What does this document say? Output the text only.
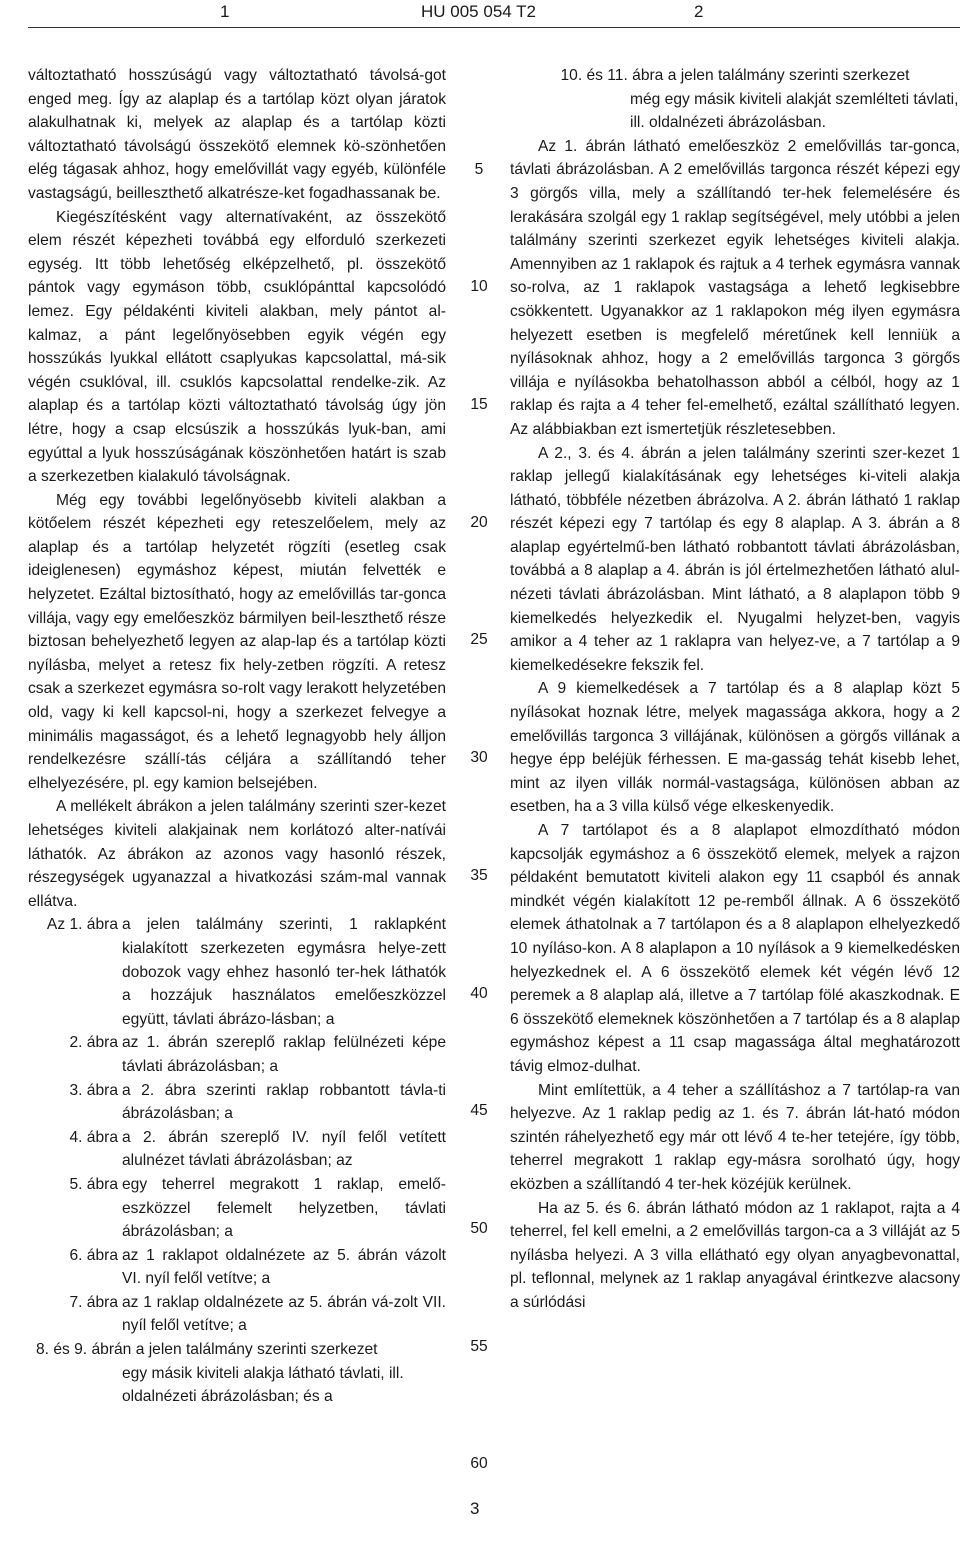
1	HU 005 054 T2	2

változtatható hosszúságú vagy változtatható távolsá-got enged meg. Így az alaplap és a tartólap közt olyan járatok alakulhatnak ki, melyek az alaplap és a tartólap közti változtatható távolságú összekötő elemnek kö-szönhetően elég tágasak ahhoz, hogy emelővillát vagy egyéb, különféle vastagságú, beilleszthető alkatrésze-ket fogadhassanak be.

Kiegészítésként vagy alternatívaként, az összekötő elem részét képezheti továbbá egy elforduló szerkezeti egység. Itt több lehetőség elképzelhető, pl. összekötő pántok vagy egymáson több, csuklópánttal kapcsolódó lemez. Egy példakénti kiviteli alakban, mely pántot al-kalmaz, a pánt legelőnyösebben egyik végén egy hosszúkás lyukkal ellátott csaplyukas kapcsolattal, má-sik végén csuklóval, ill. csuklós kapcsolattal rendelke-zik. Az alaplap és a tartólap közti változtatható távolság úgy jön létre, hogy a csap elcsúszik a hosszúkás lyuk-ban, ami egyúttal a lyuk hosszúságának köszönhetően határt is szab a szerkezetben kialakuló távolságnak.

Még egy további legelőnyösebb kiviteli alakban a kötőelem részét képezheti egy reteszelőelem, mely az alaplap és a tartólap helyzetét rögzíti (esetleg csak ideiglenesen) egymáshoz képest, miután felvették e helyzetet. Ezáltal biztosítható, hogy az emelővillás tar-gonca villája, vagy egy emelőeszköz bármilyen beil-leszthető része biztosan behelyezhető legyen az alap-lap és a tartólap közti nyílásba, melyet a retesz fix hely-zetben rögzíti. A retesz csak a szerkezet egymásra so-rolt vagy lerakott helyzetében old, vagy ki kell kapcsol-ni, hogy a szerkezet felvegye a minimális magasságot, és a lehető legnagyobb hely álljon rendelkezésre szállí-tás céljára a szállítandó teher elhelyezésére, pl. egy kamion belsejében.

A mellékelt ábrákon a jelen találmány szerinti szer-kezet lehetséges kiviteli alakjainak nem korlátozó alter-natívái láthatók. Az ábrákon az azonos vagy hasonló részek, részegységek ugyanazzal a hivatkozási szám-mal vannak ellátva.

Az 1. ábra a jelen találmány szerinti, 1 raklapként kialakított szerkezeten egymásra helye-zett dobozok vagy ehhez hasonló ter-hek láthatók a hozzájuk használatos emelőeszközzel együtt, távlati ábrázo-lásban; a
2. ábra az 1. ábrán szereplő raklap felülnézeti képe távlati ábrázolásban; a
3. ábra a 2. ábra szerinti raklap robbantott távla-ti ábrázolásban; a
4. ábra a 2. ábrán szereplő IV. nyíl felől vetített alulnézet távlati ábrázolásban; az
5. ábra egy teherrel megrakott 1 raklap, emelő-eszközzel felemelt helyzetben, távlati ábrázolásban; a
6. ábra az 1 raklapot oldalnézete az 5. ábrán vázolt VI. nyíl felől vetítve; a
7. ábra az 1 raklap oldalnézete az 5. ábrán vá-zolt VII. nyíl felől vetítve; a
8. és 9. ábrán a jelen találmány szerinti szerkezet
egy másik kiviteli alakja látható távlati, ill. oldalnézeti ábrázolásban; és a
10. és 11. ábra a jelen találmány szerinti szerkezet
még egy másik kiviteli alakját szemlélteti távlati, ill. oldalnézeti ábrázolásban.

Az 1. ábrán látható emelőeszköz 2 emelővillás tar-gonca, távlati ábrázolásban. A 2 emelővillás targonca részét képezi egy 3 görgős villa, mely a szállítandó ter-hek felemelésére és lerakására szolgál egy 1 raklap segítségével, mely utóbbi a jelen találmány szerinti szerkezet egyik lehetséges kiviteli alakja. Amennyiben az 1 raklapok és rajtuk a 4 terhek egymásra vannak so-rolva, az 1 raklapok vastagsága a lehető legkisebbre csökkentett. Ugyanakkor az 1 raklapokon még ilyen egymásra helyezett esetben is megfelelő méretűnek kell lenniük a nyílásoknak ahhoz, hogy a 2 emelővillás targonca 3 görgős villája e nyílásokba behatolhasson abból a célból, hogy az 1 raklap és rajta a 4 teher fel-emelhető, ezáltal szállítható legyen. Az alábbiakban ezt ismertetjük részletesebben.

A 2., 3. és 4. ábrán a jelen találmány szerinti szer-kezet 1 raklap jellegű kialakításának egy lehetséges ki-viteli alakja látható, többféle nézetben ábrázolva. A 2. ábrán látható 1 raklap részét képezi egy 7 tartólap és egy 8 alaplap. A 3. ábrán a 8 alaplap egyértelmű-ben látható robbantott távlati ábrázolásban, továbbá a 8 alaplap a 4. ábrán is jól értelmezhetően látható alul-nézeti távlati ábrázolásban. Mint látható, a 8 alaplapon több 9 kiemelkedés helyezkedik el. Nyugalmi helyzet-ben, vagyis amikor a 4 teher az 1 raklapra van helyez-ve, a 7 tartólap a 9 kiemelkedésekre fekszik fel.

A 9 kiemelkedések a 7 tartólap és a 8 alaplap közt 5 nyílásokat hoznak létre, melyek magassága akkora, hogy a 2 emelővillás targonca 3 villájának, különösen a görgős villának a hegye épp beléjük férhessen. E ma-gasság tehát kisebb lehet, mint az ilyen villák normál-vastagsága, különösen abban az esetben, ha a 3 villa külső vége elkeskenyedik.

A 7 tartólapot és a 8 alaplapot elmozdítható módon kapcsolják egymáshoz a 6 összekötő elemek, melyek a rajzon példaként bemutatott kiviteli alakon egy 11 csapból és annak mindkét végén kialakított 12 pe-remből állnak. A 6 összekötő elemek áthatolnak a 7 tartólapon és a 8 alaplapon elhelyezkedő 10 nyíláso-kon. A 8 alaplapon a 10 nyílások a 9 kiemelkedésken helyezkednek el. A 6 összekötő elemek két végén lévő 12 peremek a 8 alaplap alá, illetve a 7 tartólap fölé akaszkodnak. E 6 összekötő elemeknek köszönhetően a 7 tartólap és a 8 alaplap egymáshoz képest a 11 csap magassága által meghatározott távig elmoz-dulhat.

Mint említettük, a 4 teher a szállításhoz a 7 tartólap-ra van helyezve. Az 1 raklap pedig az 1. és 7. ábrán lát-ható módon szintén ráhelyezhető egy már ott lévő 4 te-her tetejére, így több, teherrel megrakott 1 raklap egy-másra sorolható úgy, hogy eközben a szállítandó 4 ter-hek közéjük kerülnek.

Ha az 5. és 6. ábrán látható módon az 1 raklapot, rajta a 4 teherrel, fel kell emelni, a 2 emelővillás targon-ca a 3 villáját az 5 nyílásba helyezi. A 3 villa ellátható egy olyan anyagbevonattal, pl. teflonnal, melynek az 1 raklap anyagával érintkezve alacsony a súrlódási

5
10
15
20
25
30
35
40
45
50
55
60
3
